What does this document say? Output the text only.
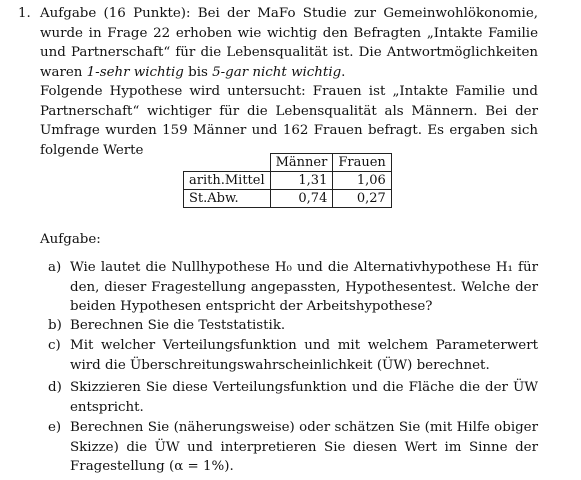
1. Aufgabe (16 Punkte): Bei der MaFo Studie zur Gemeinwohlökonomie, wurde in Frage 22 erhoben wie wichtig den Befragten „Intakte Familie und Partnerschaft“ für die Lebensqualität ist. Die Antwortmöglichkeiten waren 1-sehr wichtig bis 5-gar nicht wichtig.
Folgende Hypothese wird untersucht: Frauen ist „Intakte Familie und Partnerschaft“ wichtiger für die Lebensqualität als Männern. Bei der Umfrage wurden 159 Männer und 162 Frauen befragt. Es ergaben sich folgende Werte
	Männer	Frauen
arith.Mittel	1,31	1,06
St.Abw.	0,74	0,27
Aufgabe:
a) Wie lautet die Nullhypothese H₀ und die Alternativhypothese H₁ für den, dieser Fragestellung angepassten, Hypothesentest. Welche der beiden Hypothesen entspricht der Arbeitshypothese?
b) Berechnen Sie die Teststatistik.
c) Mit welcher Verteilungsfunktion und mit welchem Parameterwert wird die Überschreitungswahrscheinlichkeit (ÜW) berechnet.
d) Skizzieren Sie diese Verteilungsfunktion und die Fläche die der ÜW entspricht.
e) Berechnen Sie (näherungsweise) oder schätzen Sie (mit Hilfe obiger Skizze) die ÜW und interpretieren Sie diesen Wert im Sinne der Fragestellung (α = 1%).
